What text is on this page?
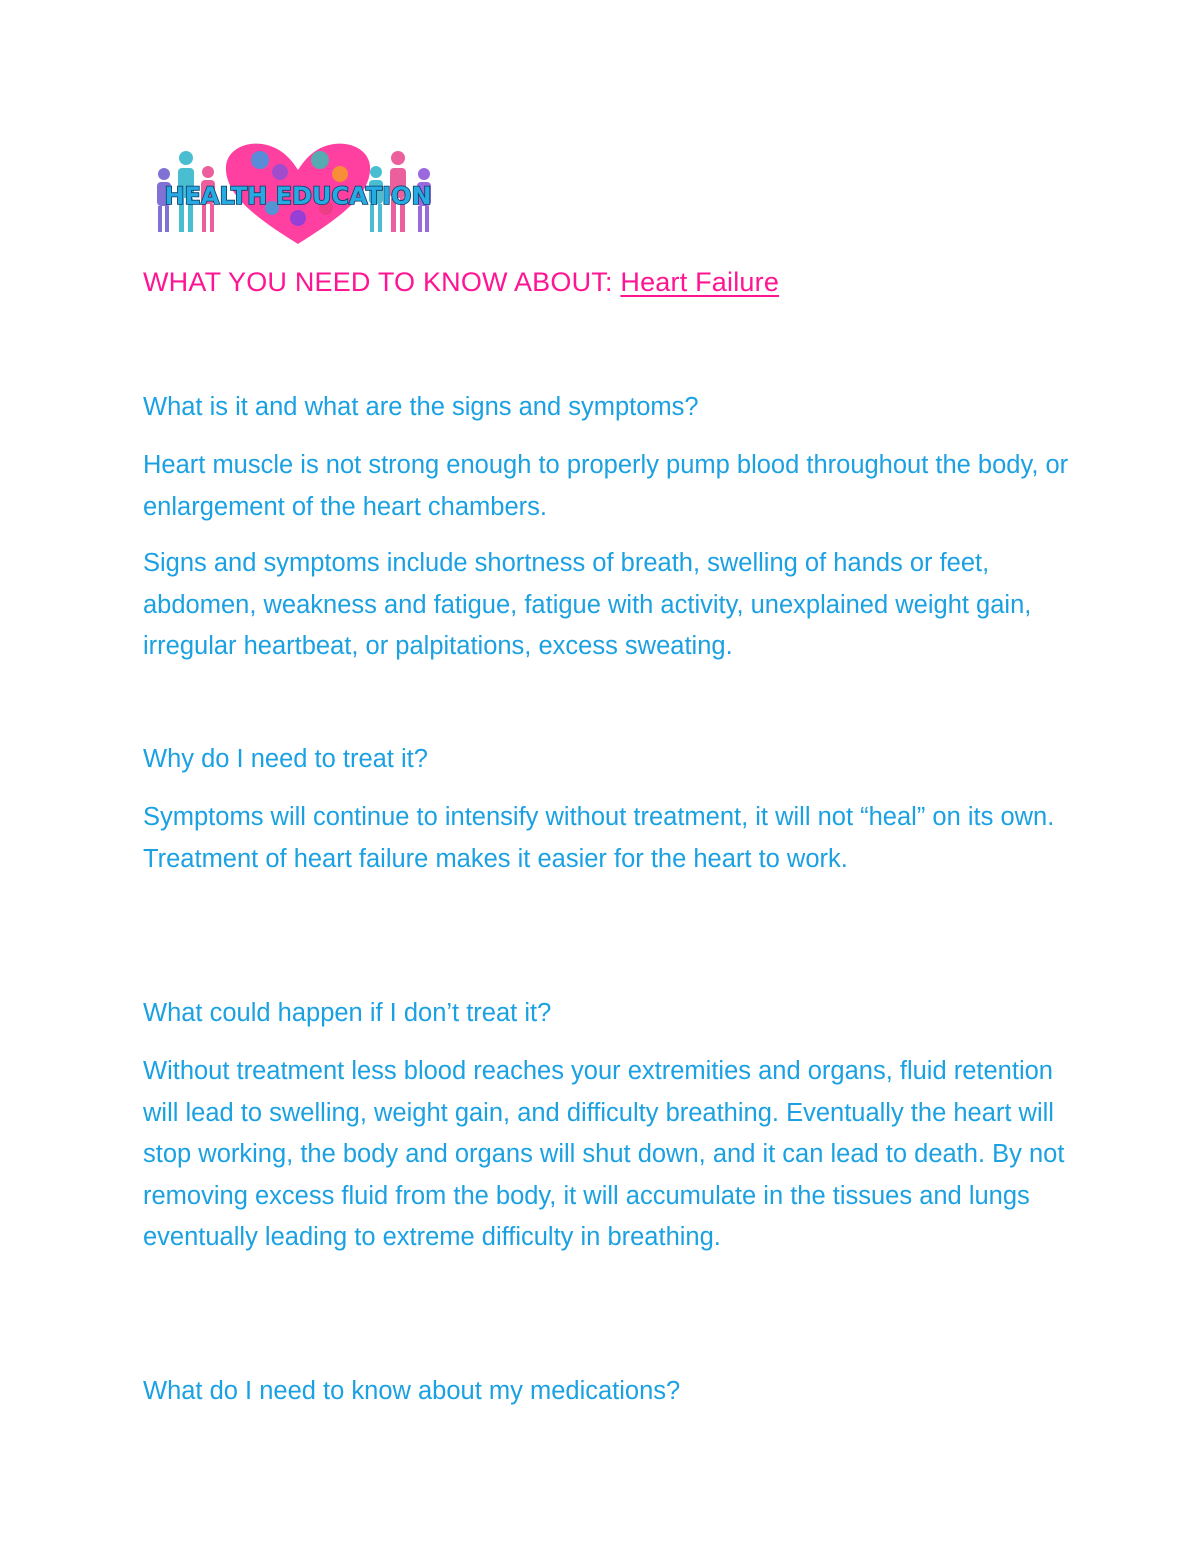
HEALTH EDUCATION
WHAT YOU NEED TO KNOW ABOUT: Heart Failure
What is it and what are the signs and symptoms?
Heart muscle is not strong enough to properly pump blood throughout the body, or enlargement of the heart chambers.
Signs and symptoms include shortness of breath, swelling of hands or feet, abdomen, weakness and fatigue, fatigue with activity, unexplained weight gain, irregular heartbeat, or palpitations, excess sweating.
Why do I need to treat it?
Symptoms will continue to intensify without treatment, it will not “heal” on its own. Treatment of heart failure makes it easier for the heart to work.
What could happen if I don’t treat it?
Without treatment less blood reaches your extremities and organs, fluid retention will lead to swelling, weight gain, and difficulty breathing. Eventually the heart will stop working, the body and organs will shut down, and it can lead to death. By not removing excess fluid from the body, it will accumulate in the tissues and lungs eventually leading to extreme difficulty in breathing.
What do I need to know about my medications?
